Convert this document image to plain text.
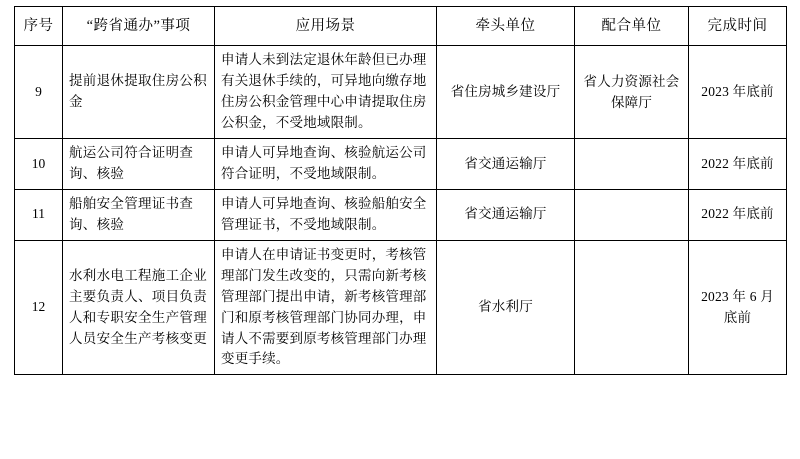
序号	“跨省通办”事项	应用场景	牵头单位	配合单位	完成时间
9	提前退休提取住房公积金	申请人未到法定退休年龄但已办理有关退休手续的，可异地向缴存地住房公积金管理中心申请提取住房公积金，不受地域限制。	省住房城乡建设厅	省人力资源社会保障厅	2023 年底前
10	航运公司符合证明查询、核验	申请人可异地查询、核验航运公司符合证明，不受地域限制。	省交通运输厅		2022 年底前
11	船舶安全管理证书查询、核验	申请人可异地查询、核验船舶安全管理证书，不受地域限制。	省交通运输厅		2022 年底前
12	水利水电工程施工企业主要负责人、项目负责人和专职安全生产管理人员安全生产考核变更	申请人在申请证书变更时，考核管理部门发生改变的，只需向新考核管理部门提出申请，新考核管理部门和原考核管理部门协同办理，申请人不需要到原考核管理部门办理变更手续。	省水利厅		2023 年 6 月底前
